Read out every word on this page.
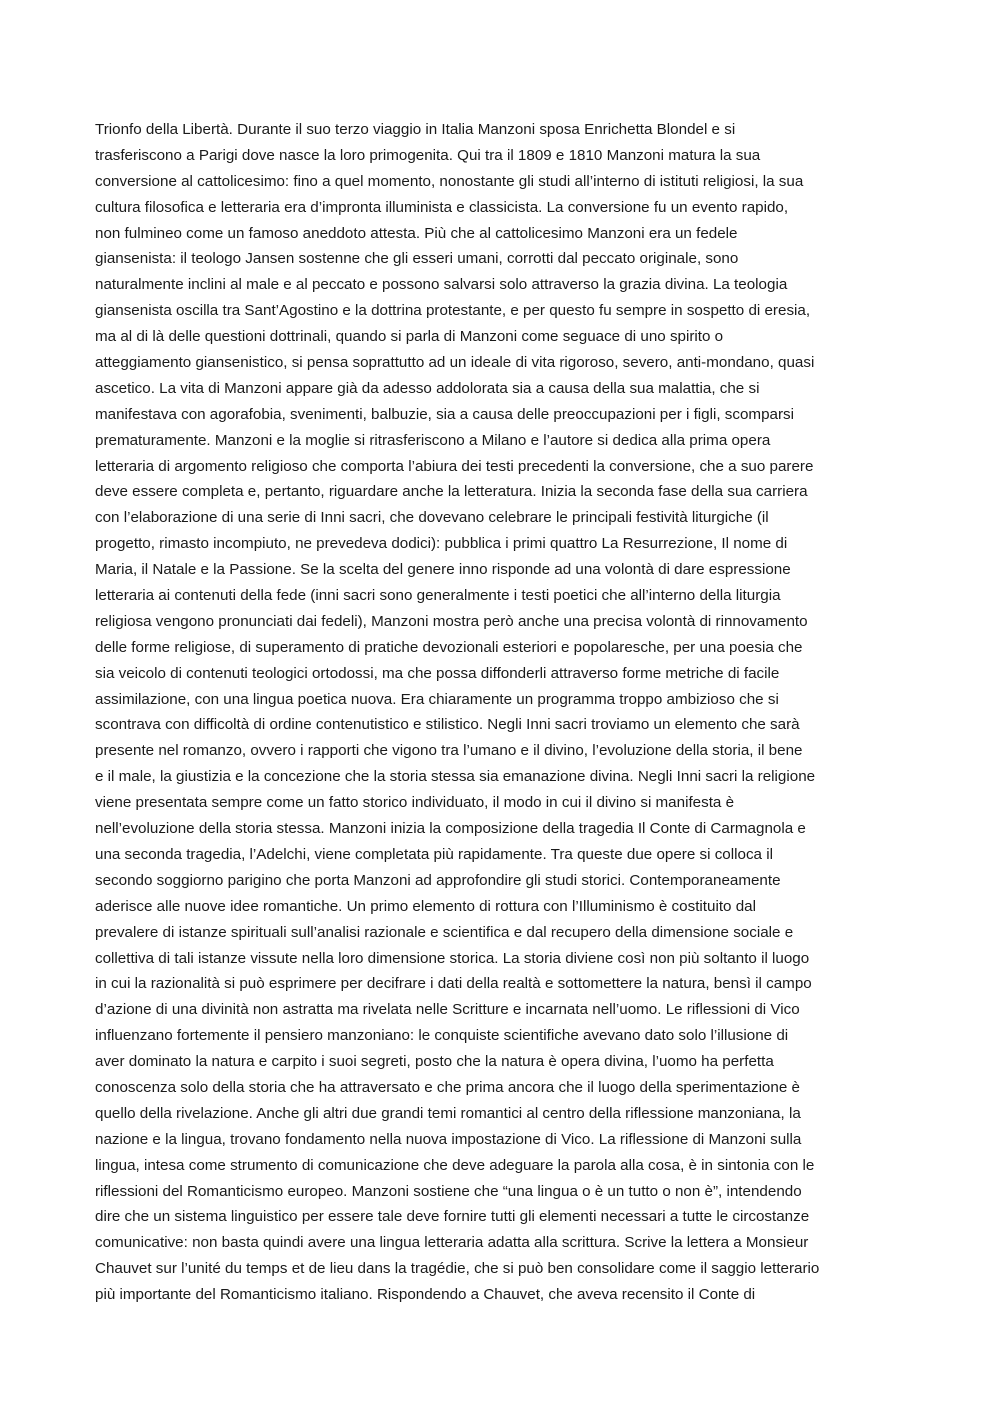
Trionfo della Libertà. Durante il suo terzo viaggio in Italia Manzoni sposa Enrichetta Blondel e si
trasferiscono a Parigi dove nasce la loro primogenita. Qui tra il 1809 e 1810 Manzoni matura la sua
conversione al cattolicesimo: fino a quel momento, nonostante gli studi all’interno di istituti religiosi, la sua
cultura filosofica e letteraria era d’impronta illuminista e classicista. La conversione fu un evento rapido,
non fulmineo come un famoso aneddoto attesta. Più che al cattolicesimo Manzoni era un fedele
giansenista: il teologo Jansen sostenne che gli esseri umani, corrotti dal peccato originale, sono
naturalmente inclini al male e al peccato e possono salvarsi solo attraverso la grazia divina. La teologia
giansenista oscilla tra Sant’Agostino e la dottrina protestante, e per questo fu sempre in sospetto di eresia,
ma al di là delle questioni dottrinali, quando si parla di Manzoni come seguace di uno spirito o
atteggiamento giansenistico, si pensa soprattutto ad un ideale di vita rigoroso, severo, anti-mondano, quasi
ascetico. La vita di Manzoni appare già da adesso addolorata sia a causa della sua malattia, che si
manifestava con agorafobia, svenimenti, balbuzie, sia a causa delle preoccupazioni per i figli, scomparsi
prematuramente. Manzoni e la moglie si ritrasferiscono a Milano e l’autore si dedica alla prima opera
letteraria di argomento religioso che comporta l’abiura dei testi precedenti la conversione, che a suo parere
deve essere completa e, pertanto, riguardare anche la letteratura. Inizia la seconda fase della sua carriera
con l’elaborazione di una serie di Inni sacri, che dovevano celebrare le principali festività liturgiche (il
progetto, rimasto incompiuto, ne prevedeva dodici): pubblica i primi quattro La Resurrezione, Il nome di
Maria, il Natale e la Passione. Se la scelta del genere inno risponde ad una volontà di dare espressione
letteraria ai contenuti della fede (inni sacri sono generalmente i testi poetici che all’interno della liturgia
religiosa vengono pronunciati dai fedeli), Manzoni mostra però anche una precisa volontà di rinnovamento
delle forme religiose, di superamento di pratiche devozionali esteriori e popolaresche, per una poesia che
sia veicolo di contenuti teologici ortodossi, ma che possa diffonderli attraverso forme metriche di facile
assimilazione, con una lingua poetica nuova. Era chiaramente un programma troppo ambizioso che si
scontrava con difficoltà di ordine contenutistico e stilistico. Negli Inni sacri troviamo un elemento che sarà
presente nel romanzo, ovvero i rapporti che vigono tra l’umano e il divino, l’evoluzione della storia, il bene
e il male, la giustizia e la concezione che la storia stessa sia emanazione divina. Negli Inni sacri la religione
viene presentata sempre come un fatto storico individuato, il modo in cui il divino si manifesta è
nell’evoluzione della storia stessa. Manzoni inizia la composizione della tragedia Il Conte di Carmagnola e
una seconda tragedia, l’Adelchi, viene completata più rapidamente. Tra queste due opere si colloca il
secondo soggiorno parigino che porta Manzoni ad approfondire gli studi storici. Contemporaneamente
aderisce alle nuove idee romantiche. Un primo elemento di rottura con l’Illuminismo è costituito dal
prevalere di istanze spirituali sull’analisi razionale e scientifica e dal recupero della dimensione sociale e
collettiva di tali istanze vissute nella loro dimensione storica. La storia diviene così non più soltanto il luogo
in cui la razionalità si può esprimere per decifrare i dati della realtà e sottomettere la natura, bensì il campo
d’azione di una divinità non astratta ma rivelata nelle Scritture e incarnata nell’uomo. Le riflessioni di Vico
influenzano fortemente il pensiero manzoniano: le conquiste scientifiche avevano dato solo l’illusione di
aver dominato la natura e carpito i suoi segreti, posto che la natura è opera divina, l’uomo ha perfetta
conoscenza solo della storia che ha attraversato e che prima ancora che il luogo della sperimentazione è
quello della rivelazione. Anche gli altri due grandi temi romantici al centro della riflessione manzoniana, la
nazione e la lingua, trovano fondamento nella nuova impostazione di Vico. La riflessione di Manzoni sulla
lingua, intesa come strumento di comunicazione che deve adeguare la parola alla cosa, è in sintonia con le
riflessioni del Romanticismo europeo. Manzoni sostiene che “una lingua o è un tutto o non è”, intendendo
dire che un sistema linguistico per essere tale deve fornire tutti gli elementi necessari a tutte le circostanze
comunicative: non basta quindi avere una lingua letteraria adatta alla scrittura. Scrive la lettera a Monsieur
Chauvet sur l’unité du temps et de lieu dans la tragédie, che si può ben consolidare come il saggio letterario
più importante del Romanticismo italiano. Rispondendo a Chauvet, che aveva recensito il Conte di
